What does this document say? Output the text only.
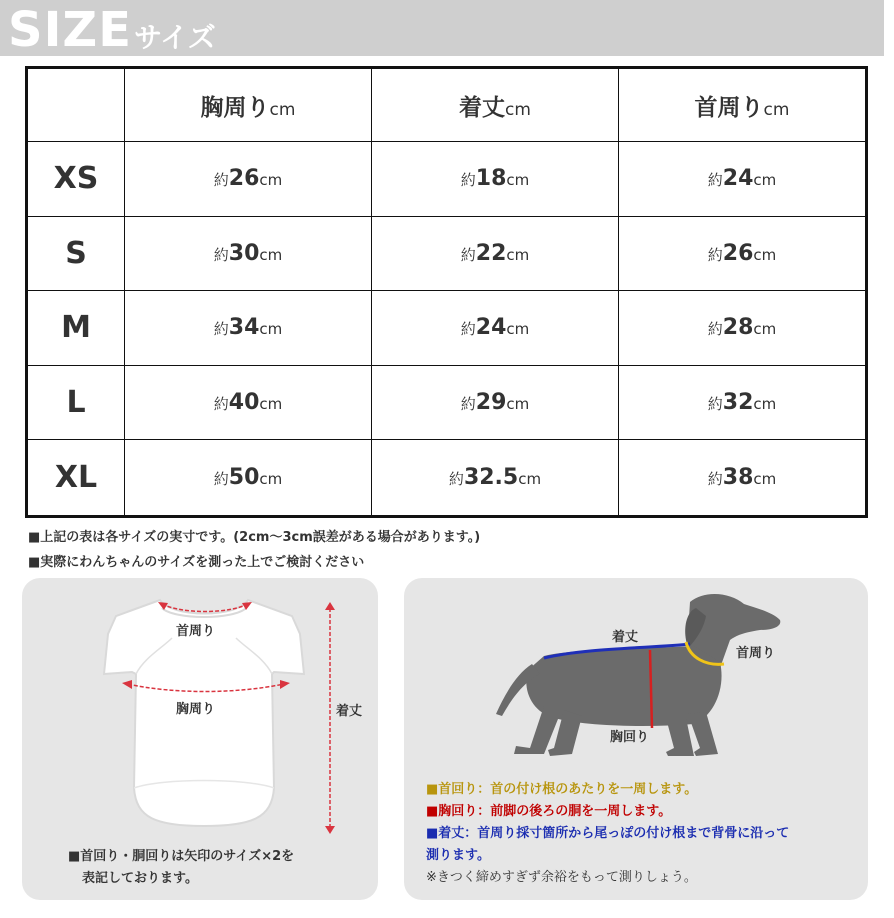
SIZE サイズ
	胸周りcm	着丈cm	首周りcm
XS	約26cm	約18cm	約24cm
S	約30cm	約22cm	約26cm
M	約34cm	約24cm	約28cm
L	約40cm	約29cm	約32cm
XL	約50cm	約32.5cm	約38cm
■上記の表は各サイズの実寸です。(2cm〜3cm誤差がある場合があります。)
■実際にわんちゃんのサイズを測った上でご検討ください
首周り
胸周り	着丈
■首回り・胴回りは矢印のサイズ×2を
表記しております。
着丈
首周り
胸回り
■首回り：首の付け根のあたりを一周します。
■胸回り：前脚の後ろの胴を一周します。
■着丈：首周り採寸箇所から尾っぽの付け根まで背骨に沿って
測ります。
※きつく締めすぎず余裕をもって測りしょう。
